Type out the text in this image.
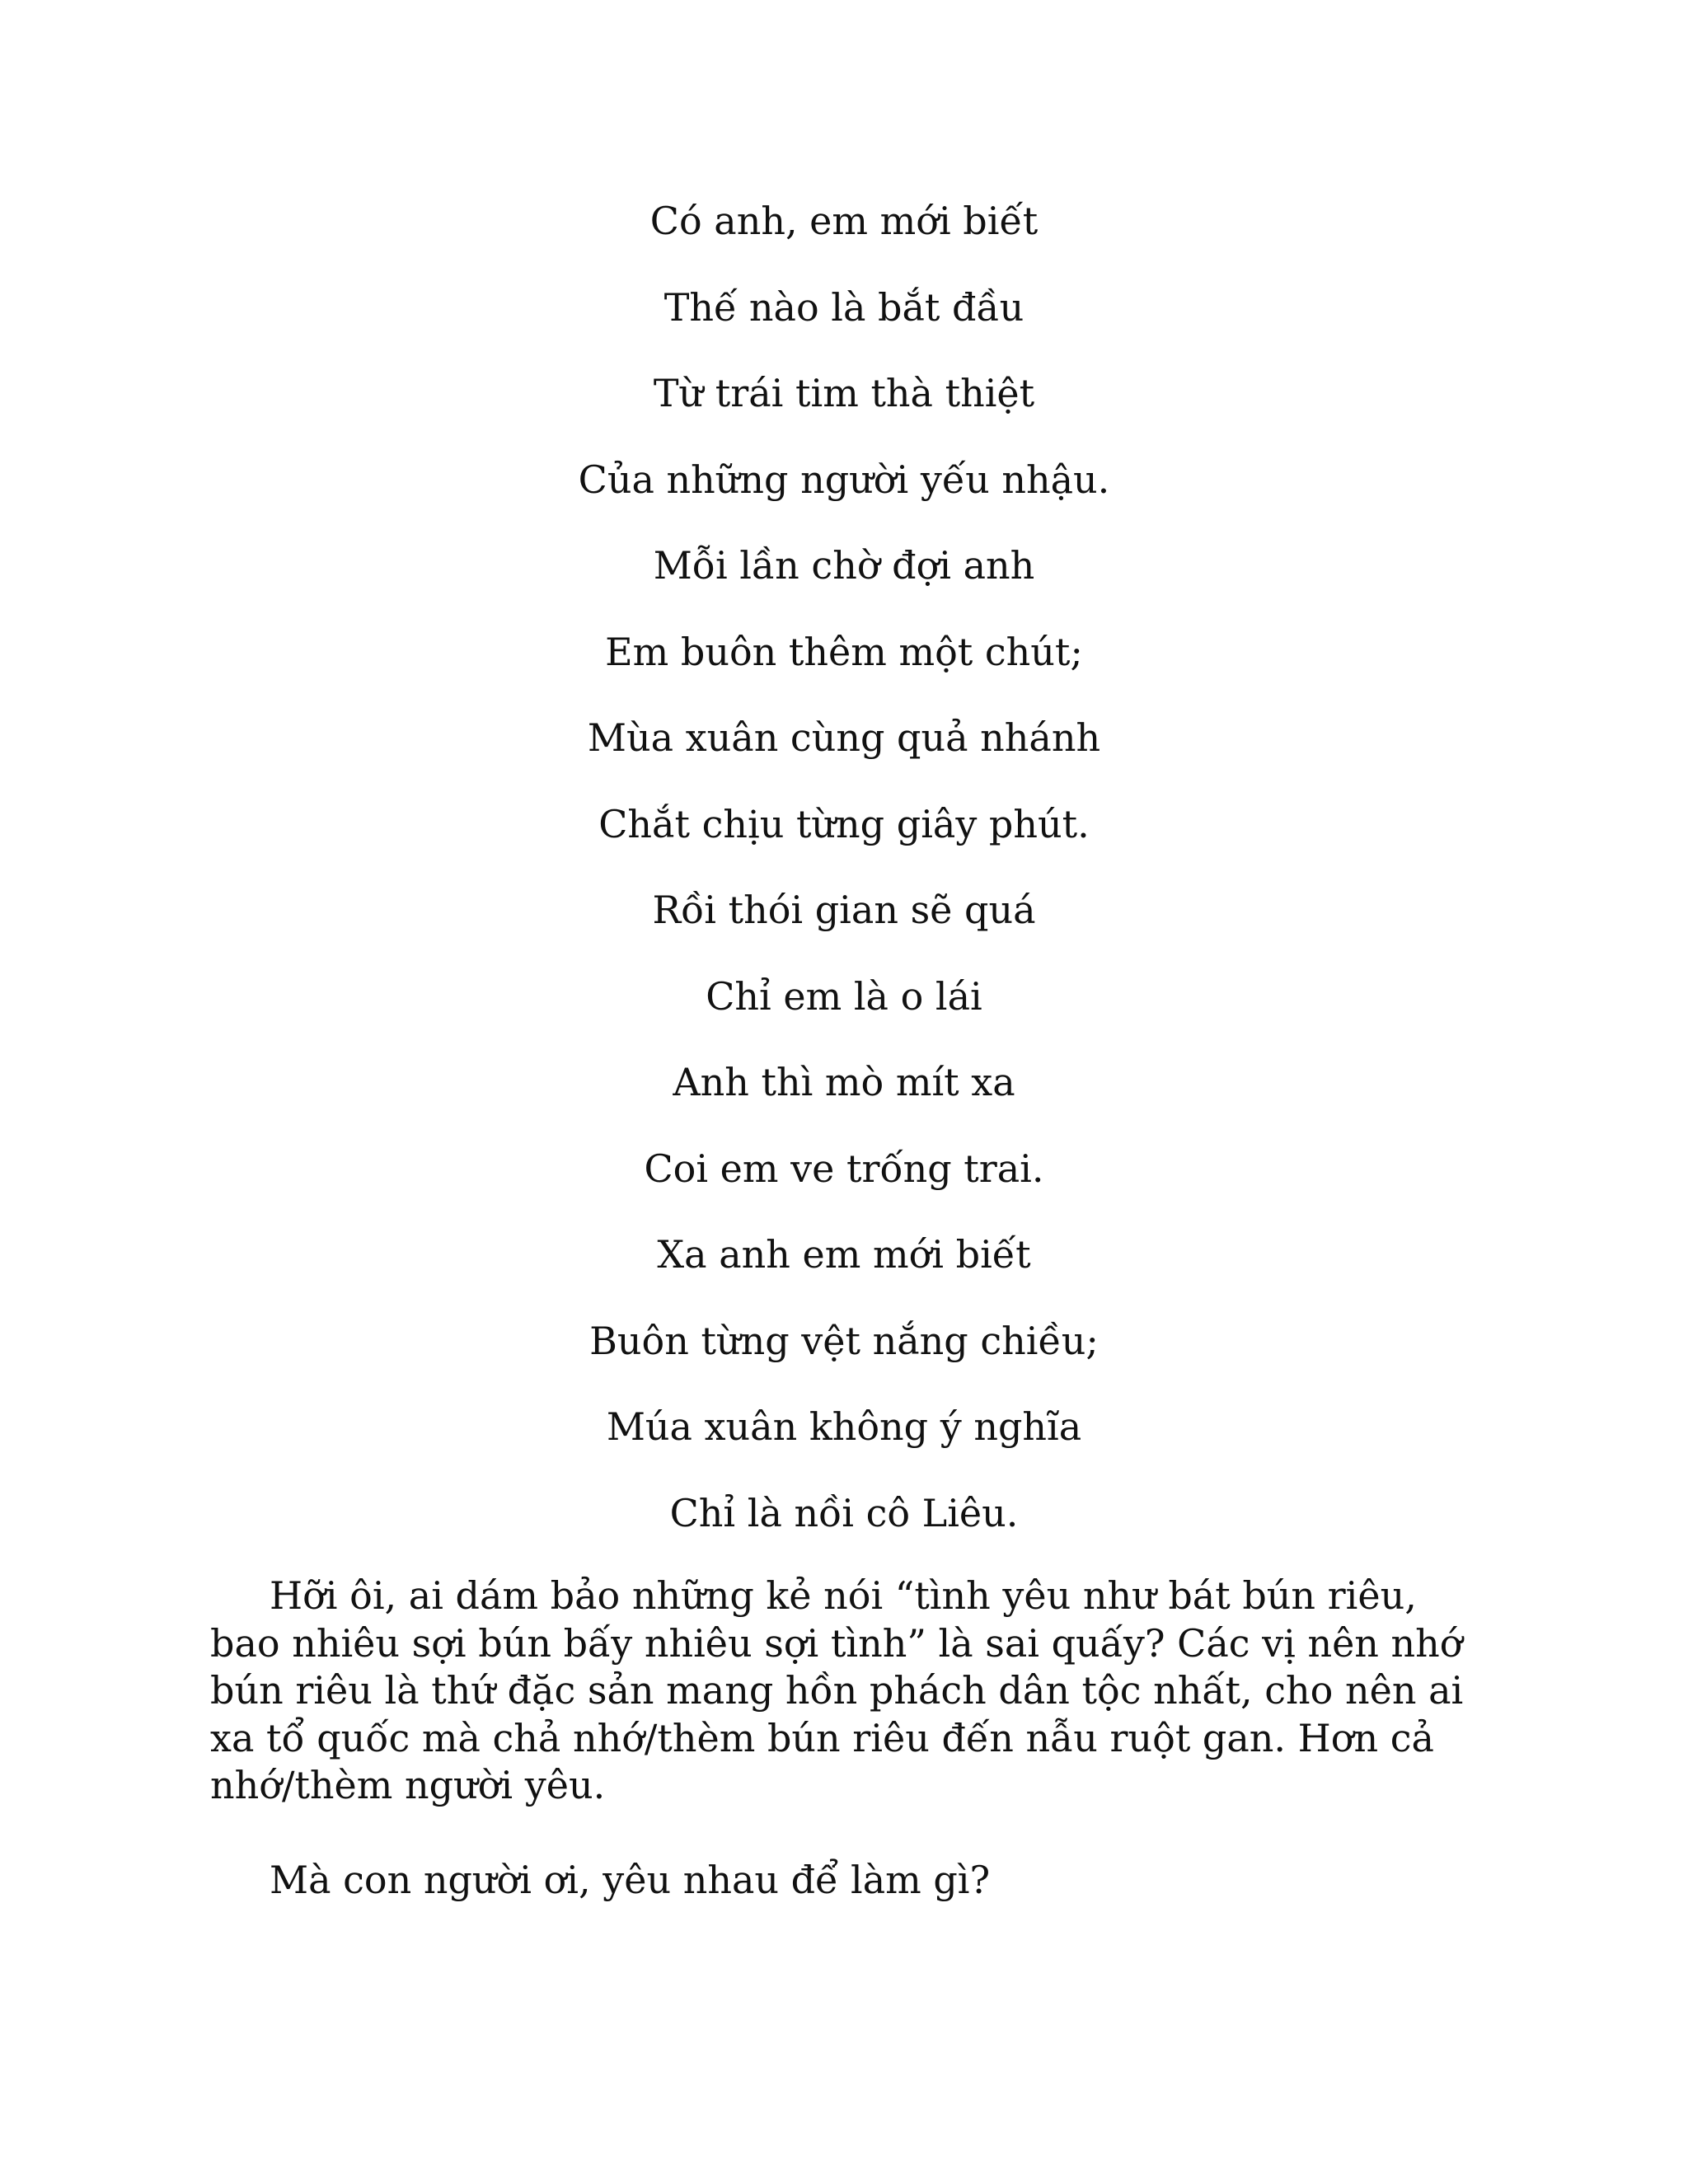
Có anh, em mới biết

Thế nào là bắt đầu

Từ trái tim thà thiệt

Của những người yếu nhậu.

Mỗi lần chờ đợi anh

Em buôn thêm một chút;

Mùa xuân cùng quả nhánh

Chắt chịu từng giây phút.

Rồi thói gian sẽ quá

Chỉ em là o lái

Anh thì mò mít xa

Coi em ve trống trai.

Xa anh em mới biết

Buôn từng vệt nắng chiều;

Múa xuân không ý nghĩa

Chỉ là nồi cô Liêu.

Hỡi ôi, ai dám bảo những kẻ nói “tình yêu như bát bún riêu, bao nhiêu sợi bún bấy nhiêu sợi tình” là sai quấy? Các vị nên nhớ bún riêu là thứ đặc sản mang hồn phách dân tộc nhất, cho nên ai xa tổ quốc mà chả nhớ/thèm bún riêu đến nẫu ruột gan. Hơn cả nhớ/thèm người yêu.

Mà con người ơi, yêu nhau để làm gì?
